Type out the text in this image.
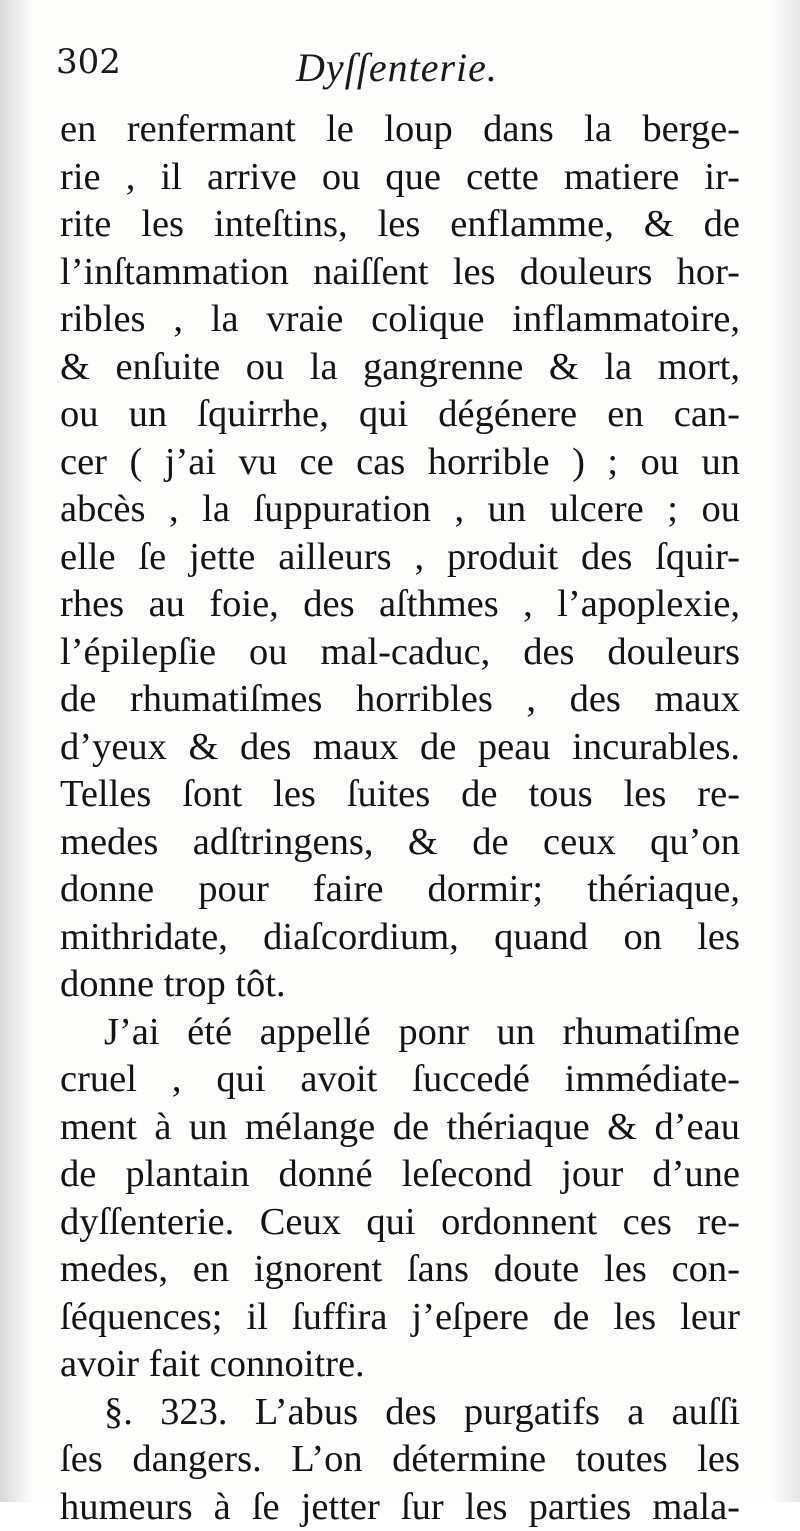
302	Dyſſenterie.
en renfermant le loup dans la berge-
rie , il arrive ou que cette matiere ir-
rite les inteſtins, les enflamme, & de
l’inſtammation naiſſent les douleurs hor-
ribles , la vraie colique inflammatoire,
& enſuite ou la gangrenne & la mort,
ou un ſquirrhe, qui dégénere en can-
cer ( j’ai vu ce cas horrible ) ; ou un
abcès , la ſuppuration , un ulcere ; ou
elle ſe jette ailleurs , produit des ſquir-
rhes au foie, des aſthmes , l’apoplexie,
l’épilepſie ou mal-caduc, des douleurs
de rhumatiſmes horribles , des maux
d’yeux & des maux de peau incurables.
Telles ſont les ſuites de tous les re-
medes adſtringens, & de ceux qu’on
donne pour faire dormir; thériaque,
mithridate, diaſcordium, quand on les
donne trop tôt.
J’ai été appellé ponr un rhumatiſme
cruel , qui avoit ſuccedé immédiate-
ment à un mélange de thériaque & d’eau
de plantain donné leſecond jour d’une
dyſſenterie. Ceux qui ordonnent ces re-
medes, en ignorent ſans doute les con-
ſéquences; il ſuffira j’eſpere de les leur
avoir fait connoitre.
§. 323. L’abus des purgatifs a auſſi
ſes dangers. L’on détermine toutes les
humeurs à ſe jetter ſur les parties mala-
